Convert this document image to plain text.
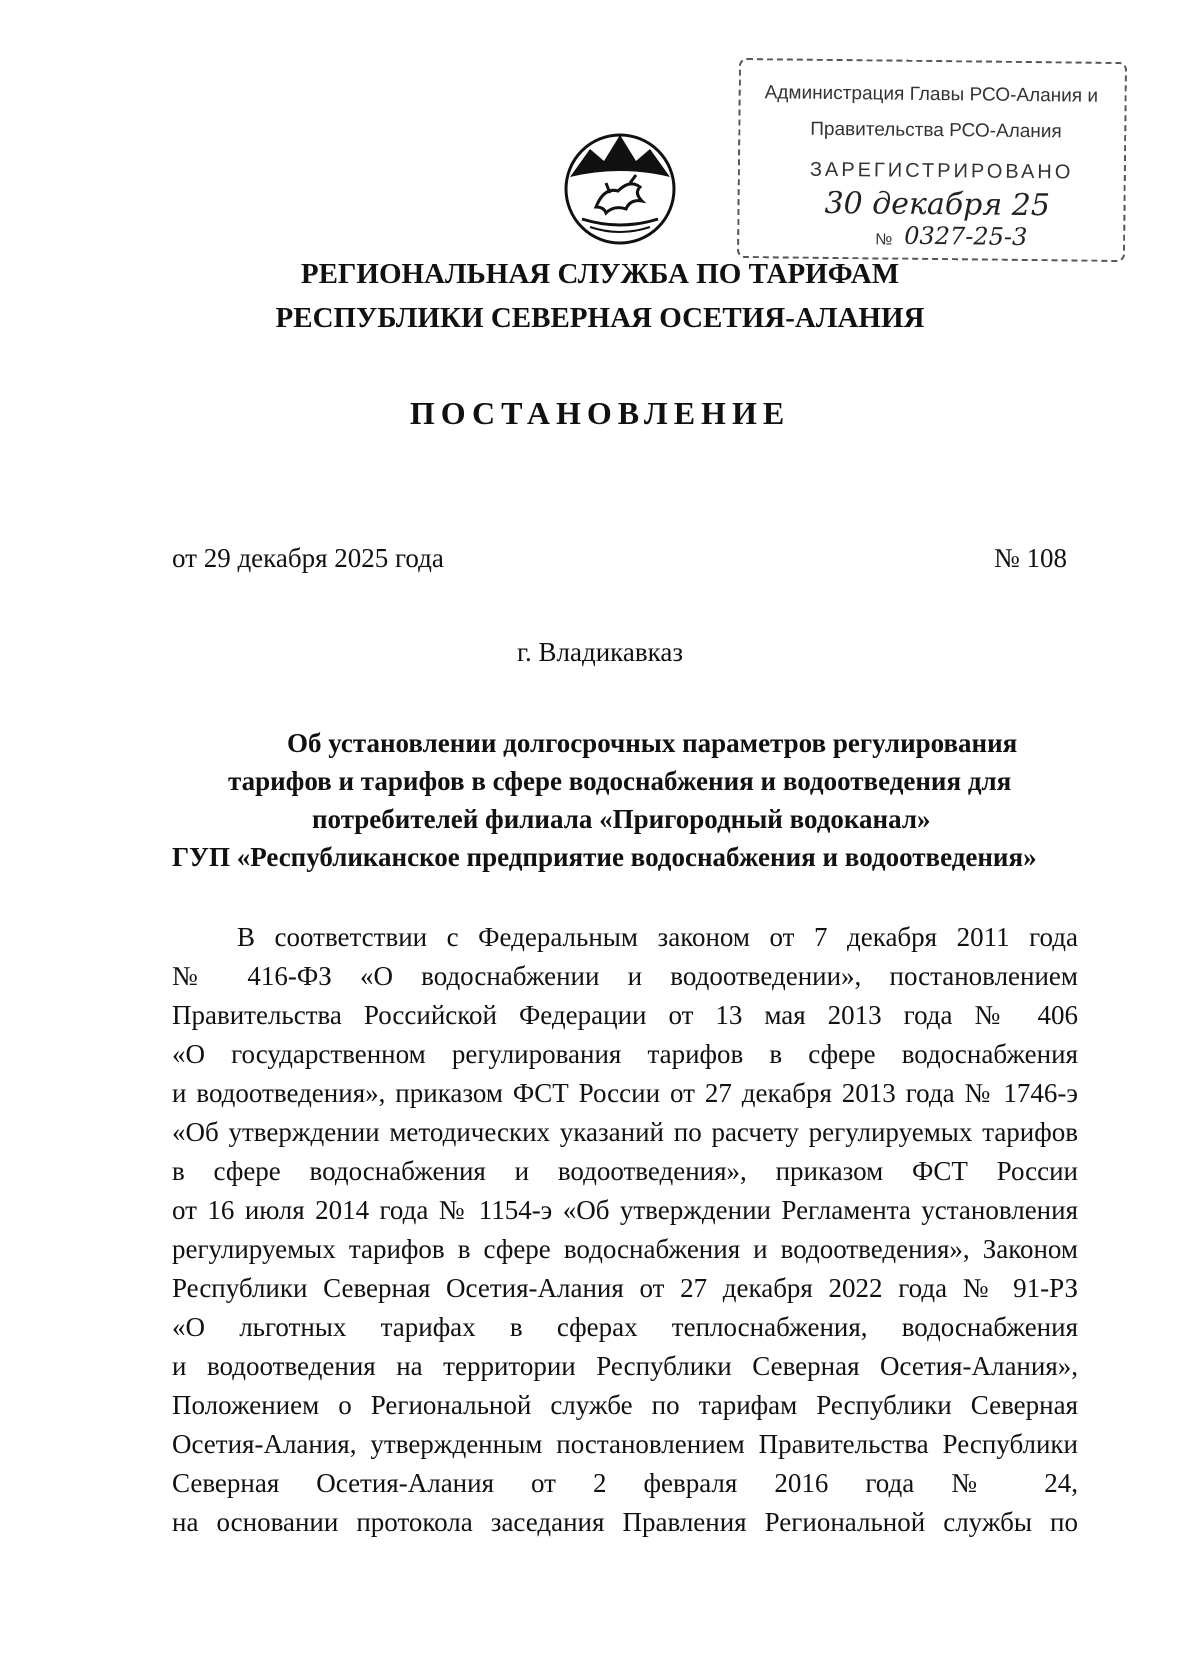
Администрация Главы РСО-Алания и
Правительства РСО-Алания
ЗАРЕГИСТРИРОВАНО
30 декабря 25
№ 0327-25-3
РЕГИОНАЛЬНАЯ СЛУЖБА ПО ТАРИФАМ
РЕСПУБЛИКИ СЕВЕРНАЯ ОСЕТИЯ-АЛАНИЯ
ПОСТАНОВЛЕНИЕ
от 29 декабря 2025 года	№ 108
г. Владикавказ
Об установлении долгосрочных параметров регулирования
тарифов и тарифов в сфере водоснабжения и водоотведения для
потребителей филиала «Пригородный водоканал»
ГУП «Республиканское предприятие водоснабжения и водоотведения»
В соответствии с Федеральным законом от 7 декабря 2011 года
№ 416-ФЗ «О водоснабжении и водоотведении», постановлением
Правительства Российской Федерации от 13 мая 2013 года № 406
«О государственном регулирования тарифов в сфере водоснабжения
и водоотведения», приказом ФСТ России от 27 декабря 2013 года № 1746-э
«Об утверждении методических указаний по расчету регулируемых тарифов
в сфере водоснабжения и водоотведения», приказом ФСТ России
от 16 июля 2014 года № 1154-э «Об утверждении Регламента установления
регулируемых тарифов в сфере водоснабжения и водоотведения», Законом
Республики Северная Осетия-Алания от 27 декабря 2022 года № 91-РЗ
«О льготных тарифах в сферах теплоснабжения, водоснабжения
и водоотведения на территории Республики Северная Осетия-Алания»,
Положением о Региональной службе по тарифам Республики Северная
Осетия-Алания, утвержденным постановлением Правительства Республики
Северная Осетия-Алания от 2 февраля 2016 года № 24,
на основании протокола заседания Правления Региональной службы по
